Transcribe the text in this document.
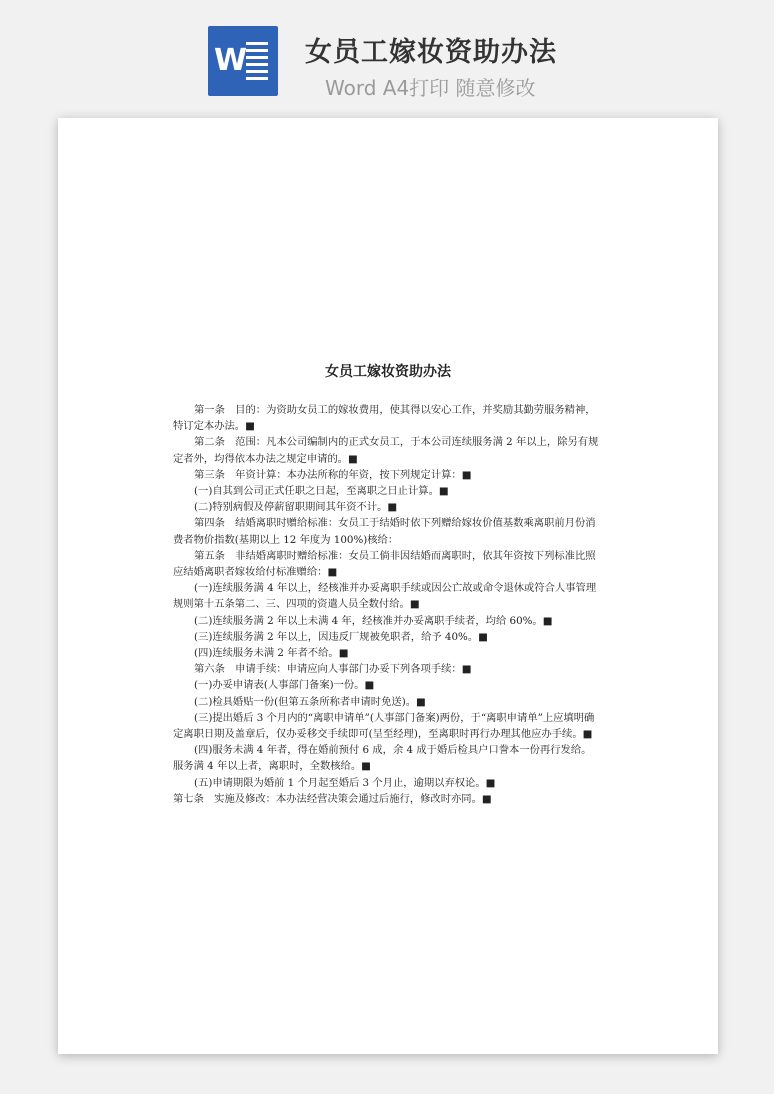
W 女员工嫁妆资助办法
Word A4打印 随意修改
女员工嫁妆资助办法

第一条　目的：为资助女员工的嫁妆费用，使其得以安心工作，并奖励其勤劳服务精神，特订定本办法。■

第二条　范围：凡本公司编制内的正式女员工，于本公司连续服务满 2 年以上，除另有规定者外，均得依本办法之规定申请的。■

第三条　年资计算：本办法所称的年资，按下列规定计算：■

(一)自其到公司正式任职之日起，至离职之日止计算。■

(二)特别病假及停薪留职期间其年资不计。■

第四条　结婚离职时赠给标准：女员工于结婚时依下列赠给嫁妆价值基数乘离职前月份消费者物价指数(基期以上 12 年度为 100%)核给：

第五条　非结婚离职时赠给标准：女员工倘非因结婚而离职时，依其年资按下列标准比照应结婚离职者嫁妆给付标准赠给：■

(一)连续服务满 4 年以上，经核准并办妥离职手续或因公亡故或命令退休或符合人事管理规则第十五条第二、三、四项的资遣人员全数付给。■

(二)连续服务满 2 年以上未满 4 年，经核准并办妥离职手续者，均给 60%。■

(三)连续服务满 2 年以上，因违反厂规被免职者，给予 40%。■

(四)连续服务未满 2 年者不给。■

第六条　申请手续：申请应向人事部门办妥下列各项手续：■

(一)办妥申请表(人事部门备案)一份。■

(二)检具婚贴一份(但第五条所称者申请时免送)。■

(三)提出婚后 3 个月内的“离职申请单”(人事部门备案)两份，于“离职申请单”上应填明确定离职日期及盖章后，仅办妥移交手续即可(呈至经理)，至离职时再行办理其他应办手续。■

(四)服务未满 4 年者，得在婚前预付 6 成，余 4 成于婚后检具户口誊本一份再行发给。服务满 4 年以上者，离职时，全数核给。■

(五)申请期限为婚前 1 个月起至婚后 3 个月止，逾期以弃权论。■

第七条　实施及修改：本办法经营决策会通过后施行，修改时亦同。■
